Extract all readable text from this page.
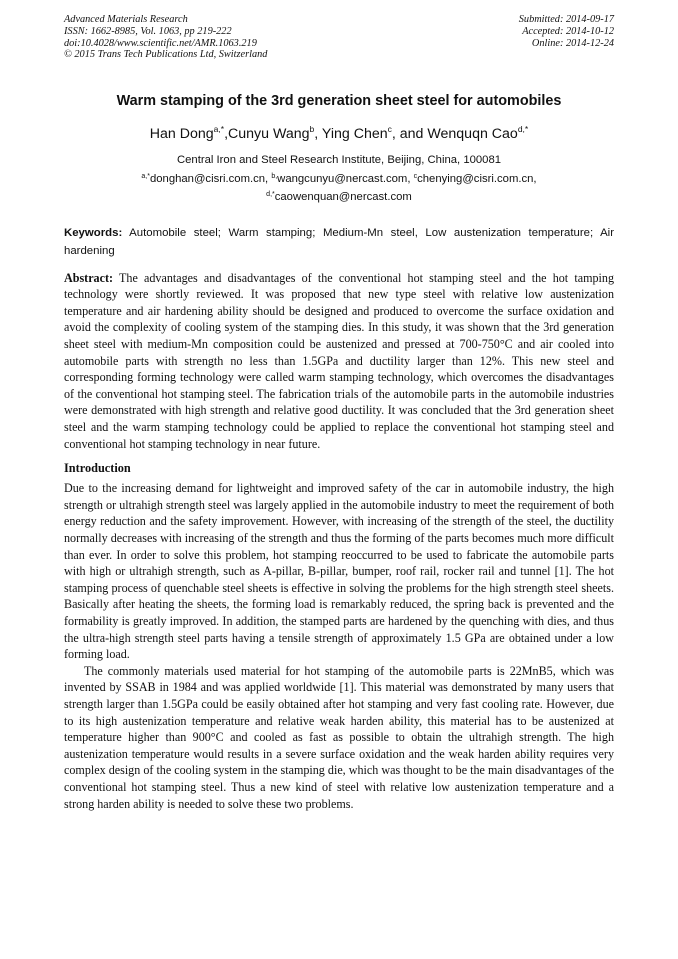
Advanced Materials Research
ISSN: 1662-8985, Vol. 1063, pp 219-222
doi:10.4028/www.scientific.net/AMR.1063.219
© 2015 Trans Tech Publications Ltd, Switzerland
Submitted: 2014-09-17
Accepted: 2014-10-12
Online: 2014-12-24
Warm stamping of the 3rd generation sheet steel for automobiles
Han Dong$^{a,*}$,Cunyu Wang$^b$, Ying Chen$^c$, and Wenquqn Cao$^{d,*}$
Central Iron and Steel Research Institute, Beijing, China, 100081
$^{a,*}$donghan@cisri.com.cn, $^{b,}$wangcunyu@nercast.com, $^c$chenying@cisri.com.cn,
$^{d,*}$caowenquan@nercast.com
Keywords: Automobile steel; Warm stamping; Medium-Mn steel, Low austenization temperature; Air hardening
Abstract: The advantages and disadvantages of the conventional hot stamping steel and the hot tamping technology were shortly reviewed. It was proposed that new type steel with relative low austenization temperature and air hardening ability should be designed and produced to overcome the surface oxidation and avoid the complexity of cooling system of the stamping dies. In this study, it was shown that the 3rd generation sheet steel with medium-Mn composition could be austenized and pressed at 700-750°C and air cooled into automobile parts with strength no less than 1.5GPa and ductility larger than 12%. This new steel and corresponding forming technology were called warm stamping technology, which overcomes the disadvantages of the conventional hot stamping steel. The fabrication trials of the automobile parts in the automobile industries were demonstrated with high strength and relative good ductility. It was concluded that the 3rd generation sheet steel and the warm stamping technology could be applied to replace the conventional hot stamping steel and conventional hot stamping technology in near future.
Introduction

Due to the increasing demand for lightweight and improved safety of the car in automobile industry, the high strength or ultrahigh strength steel was largely applied in the automobile industry to meet the requirement of both energy reduction and the safety improvement. However, with increasing of the strength of the steel, the ductility normally decreases with increasing of the strength and thus the forming of the parts becomes much more difficult than ever. In order to solve this problem, hot stamping reoccurred to be used to fabricate the automobile parts with high or ultrahigh strength, such as A-pillar, B-pillar, bumper, roof rail, rocker rail and tunnel [1]. The hot stamping process of quenchable steel sheets is effective in solving the problems for the high strength steel sheets. Basically after heating the sheets, the forming load is remarkably reduced, the spring back is prevented and the formability is greatly improved. In addition, the stamped parts are hardened by the quenching with dies, and thus the ultra-high strength steel parts having a tensile strength of approximately 1.5 GPa are obtained under a low forming load.

The commonly materials used material for hot stamping of the automobile parts is 22MnB5, which was invented by SSAB in 1984 and was applied worldwide [1]. This material was demonstrated by many users that strength larger than 1.5GPa could be easily obtained after hot stamping and very fast cooling rate. However, due to its high austenization temperature and relative weak harden ability, this material has to be austenized at temperature higher than 900°C and cooled as fast as possible to obtain the ultrahigh strength. The high austenization temperature would results in a severe surface oxidation and the weak harden ability requires very complex design of the cooling system in the stamping die, which was thought to be the main disadvantages of the conventional hot stamping steel. Thus a new kind of steel with relative low austenization temperature and a strong harden ability is needed to solve these two problems.
